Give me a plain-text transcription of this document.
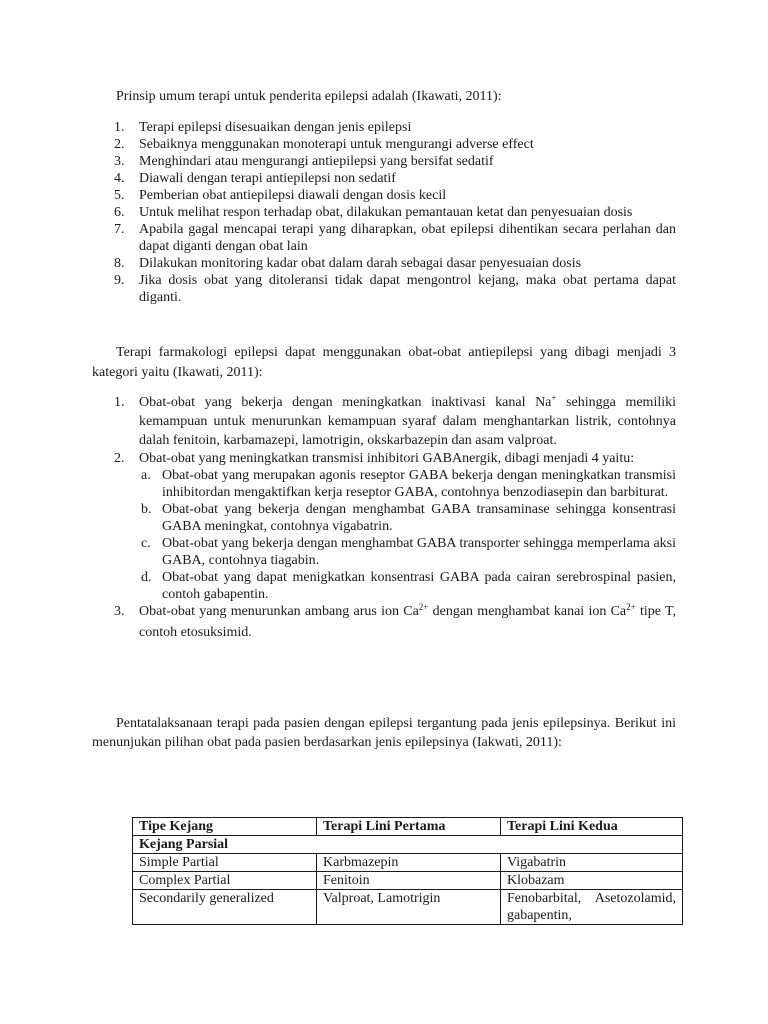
Prinsip umum terapi untuk penderita epilepsi adalah (Ikawati, 2011):

1. Terapi epilepsi disesuaikan dengan jenis epilepsi
2. Sebaiknya menggunakan monoterapi untuk mengurangi adverse effect
3. Menghindari atau mengurangi antiepilepsi yang bersifat sedatif
4. Diawali dengan terapi antiepilepsi non sedatif
5. Pemberian obat antiepilepsi diawali dengan dosis kecil
6. Untuk melihat respon terhadap obat, dilakukan pemantauan ketat dan penyesuaian dosis
7. Apabila gagal mencapai terapi yang diharapkan, obat epilepsi dihentikan secara perlahan dan dapat diganti dengan obat lain
8. Dilakukan monitoring kadar obat dalam darah sebagai dasar penyesuaian dosis
9. Jika dosis obat yang ditoleransi tidak dapat mengontrol kejang, maka obat pertama dapat diganti.

Terapi farmakologi epilepsi dapat menggunakan obat-obat antiepilepsi yang dibagi menjadi 3 kategori yaitu (Ikawati, 2011):

1. Obat-obat yang bekerja dengan meningkatkan inaktivasi kanal Na+ sehingga memiliki kemampuan untuk menurunkan kemampuan syaraf dalam menghantarkan listrik, contohnya dalah fenitoin, karbamazepi, lamotrigin, okskarbazepin dan asam valproat.
2. Obat-obat yang meningkatkan transmisi inhibitori GABAnergik, dibagi menjadi 4 yaitu:
a. Obat-obat yang merupakan agonis reseptor GABA bekerja dengan meningkatkan transmisi inhibitordan mengaktifkan kerja reseptor GABA, contohnya benzodiasepin dan barbiturat.
b. Obat-obat yang bekerja dengan menghambat GABA transaminase sehingga konsentrasi GABA meningkat, contohnya vigabatrin.
c. Obat-obat yang bekerja dengan menghambat GABA transporter sehingga memperlama aksi GABA, contohnya tiagabin.
d. Obat-obat yang dapat menigkatkan konsentrasi GABA pada cairan serebrospinal pasien, contoh gabapentin.
3. Obat-obat yang menurunkan ambang arus ion $Ca^{2+}$ dengan menghambat kanai ion $Ca^{2+}$ tipe T, contoh etosuksimid.

Pentatalaksanaan terapi pada pasien dengan epilepsi tergantung pada jenis epilepsinya. Berikut ini menunjukan pilihan obat pada pasien berdasarkan jenis epilepsinya (Iakwati, 2011):

Tipe Kejang	Terapi Lini Pertama	Terapi Lini Kedua
Kejang Parsial		
Simple Partial	Karbmazepin	Vigabatrin
Complex Partial	Fenitoin	Klobazam
Secondarily generalized	Valproat, Lamotrigin	Fenobarbital, Asetozolamid, gabapentin,
